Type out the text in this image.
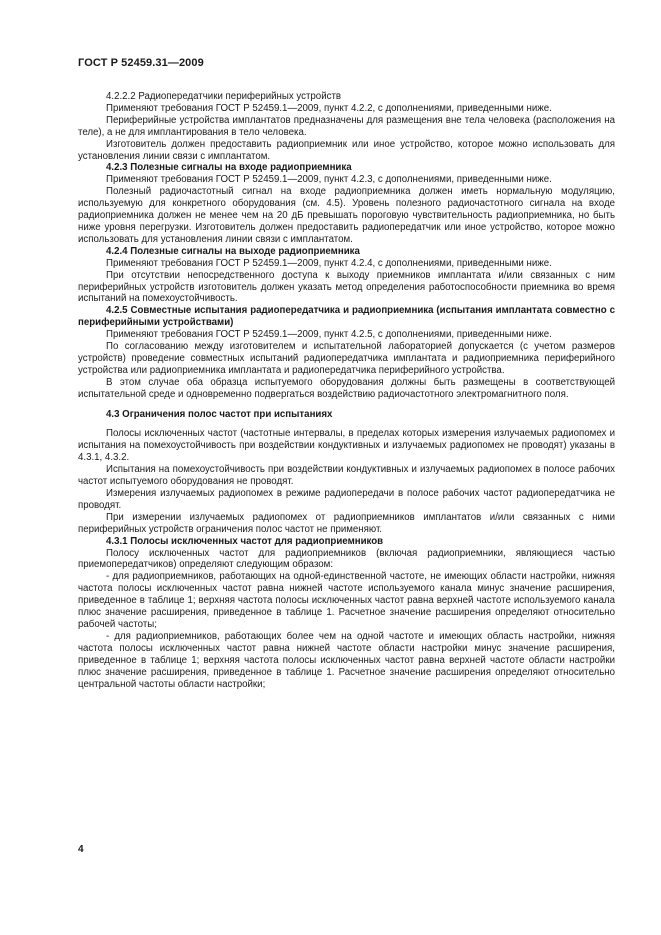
ГОСТ Р 52459.31—2009

4.2.2.2 Радиопередатчики периферийных устройств

Применяют требования ГОСТ Р 52459.1—2009, пункт 4.2.2, с дополнениями, приведенными ниже.

Периферийные устройства имплантатов предназначены для размещения вне тела человека (расположения на теле), а не для имплантирования в тело человека.

Изготовитель должен предоставить радиоприемник или иное устройство, которое можно использовать для установления линии связи с имплантатом.

4.2.3 Полезные сигналы на входе радиоприемника

Применяют требования ГОСТ Р 52459.1—2009, пункт 4.2.3, с дополнениями, приведенными ниже.

Полезный радиочастотный сигнал на входе радиоприемника должен иметь нормальную модуляцию, используемую для конкретного оборудования (см. 4.5). Уровень полезного радиочастотного сигнала на входе радиоприемника должен не менее чем на 20 дБ превышать пороговую чувствительность радиоприемника, но быть ниже уровня перегрузки. Изготовитель должен предоставить радиопередатчик или иное устройство, которое можно использовать для установления линии связи с имплантатом.

4.2.4 Полезные сигналы на выходе радиоприемника

Применяют требования ГОСТ Р 52459.1—2009, пункт 4.2.4, с дополнениями, приведенными ниже.

При отсутствии непосредственного доступа к выходу приемников имплантата и/или связанных с ним периферийных устройств изготовитель должен указать метод определения работоспособности приемника во время испытаний на помехоустойчивость.

4.2.5 Совместные испытания радиопередатчика и радиоприемника (испытания имплантата совместно с периферийными устройствами)

Применяют требования ГОСТ Р 52459.1—2009, пункт 4.2.5, с дополнениями, приведенными ниже.

По согласованию между изготовителем и испытательной лабораторией допускается (с учетом размеров устройств) проведение совместных испытаний радиопередатчика имплантата и радиоприемника периферийного устройства или радиоприемника имплантата и радиопередатчика периферийного устройства.

В этом случае оба образца испытуемого оборудования должны быть размещены в соответствующей испытательной среде и одновременно подвергаться воздействию радиочастотного электромагнитного поля.

4.3 Ограничения полос частот при испытаниях

Полосы исключенных частот (частотные интервалы, в пределах которых измерения излучаемых радиопомех и испытания на помехоустойчивость при воздействии кондуктивных и излучаемых радиопомех не проводят) указаны в 4.3.1, 4.3.2.

Испытания на помехоустойчивость при воздействии кондуктивных и излучаемых радиопомех в полосе рабочих частот испытуемого оборудования не проводят.

Измерения излучаемых радиопомех в режиме радиопередачи в полосе рабочих частот радиопередатчика не проводят.

При измерении излучаемых радиопомех от радиоприемников имплантатов и/или связанных с ними периферийных устройств ограничения полос частот не применяют.

4.3.1 Полосы исключенных частот для радиоприемников

Полосу исключенных частот для радиоприемников (включая радиоприемники, являющиеся частью приемопередатчиков) определяют следующим образом:

- для радиоприемников, работающих на одной-единственной частоте, не имеющих области настройки, нижняя частота полосы исключенных частот равна нижней частоте используемого канала минус значение расширения, приведенное в таблице 1; верхняя частота полосы исключенных частот равна верхней частоте используемого канала плюс значение расширения, приведенное в таблице 1. Расчетное значение расширения определяют относительно рабочей частоты;

- для радиоприемников, работающих более чем на одной частоте и имеющих область настройки, нижняя частота полосы исключенных частот равна нижней частоте области настройки минус значение расширения, приведенное в таблице 1; верхняя частота полосы исключенных частот равна верхней частоте области настройки плюс значение расширения, приведенное в таблице 1. Расчетное значение расширения определяют относительно центральной частоты области настройки;

4
